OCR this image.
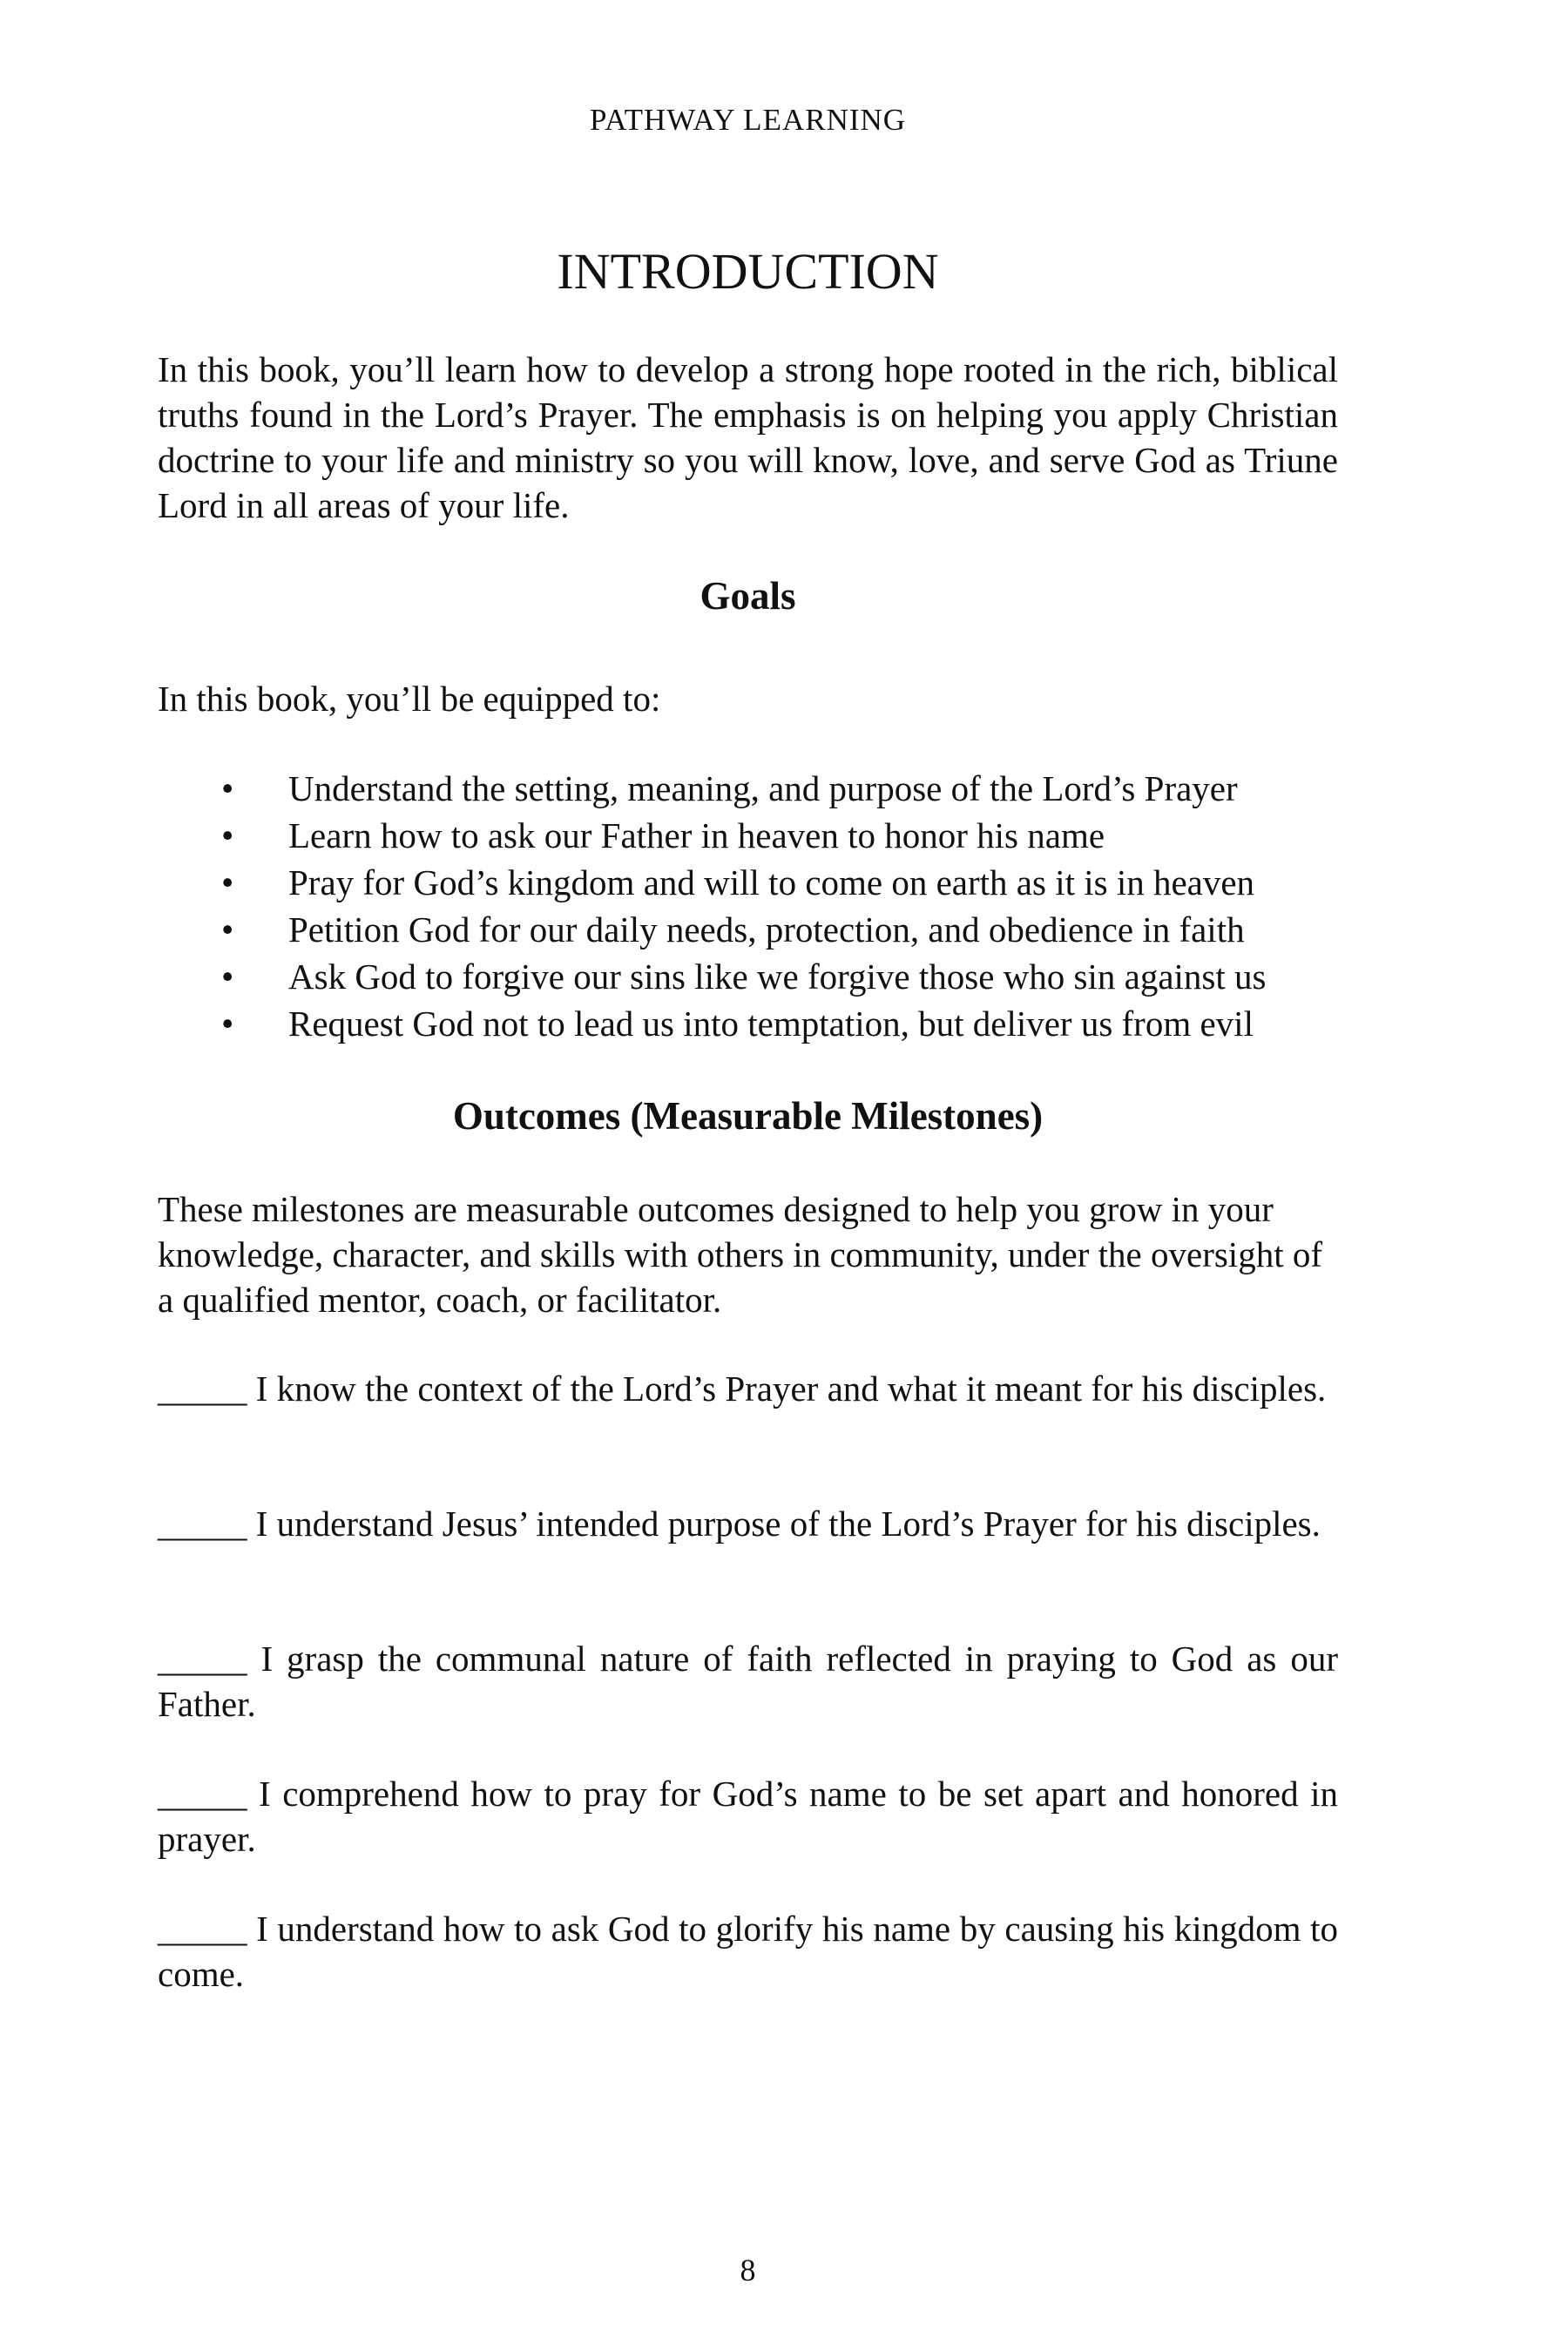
PATHWAY LEARNING
INTRODUCTION

In this book, you’ll learn how to develop a strong hope rooted in the rich, biblical truths found in the Lord’s Prayer. The emphasis is on helping you apply Christian doctrine to your life and ministry so you will know, love, and serve God as Triune Lord in all areas of your life.

Goals

In this book, you’ll be equipped to:

• Understand the setting, meaning, and purpose of the Lord’s Prayer
• Learn how to ask our Father in heaven to honor his name
• Pray for God’s kingdom and will to come on earth as it is in heaven
• Petition God for our daily needs, protection, and obedience in faith
• Ask God to forgive our sins like we forgive those who sin against us
• Request God not to lead us into temptation, but deliver us from evil
Outcomes (Measurable Milestones)

These milestones are measurable outcomes designed to help you grow in your knowledge, character, and skills with others in community, under the oversight of a qualified mentor, coach, or facilitator.

_____ I know the context of the Lord’s Prayer and what it meant for his disciples.

_____ I understand Jesus’ intended purpose of the Lord’s Prayer for his disciples.

_____ I grasp the communal nature of faith reflected in praying to God as our Father.

_____ I comprehend how to pray for God’s name to be set apart and honored in prayer.

_____ I understand how to ask God to glorify his name by causing his kingdom to come.

8
